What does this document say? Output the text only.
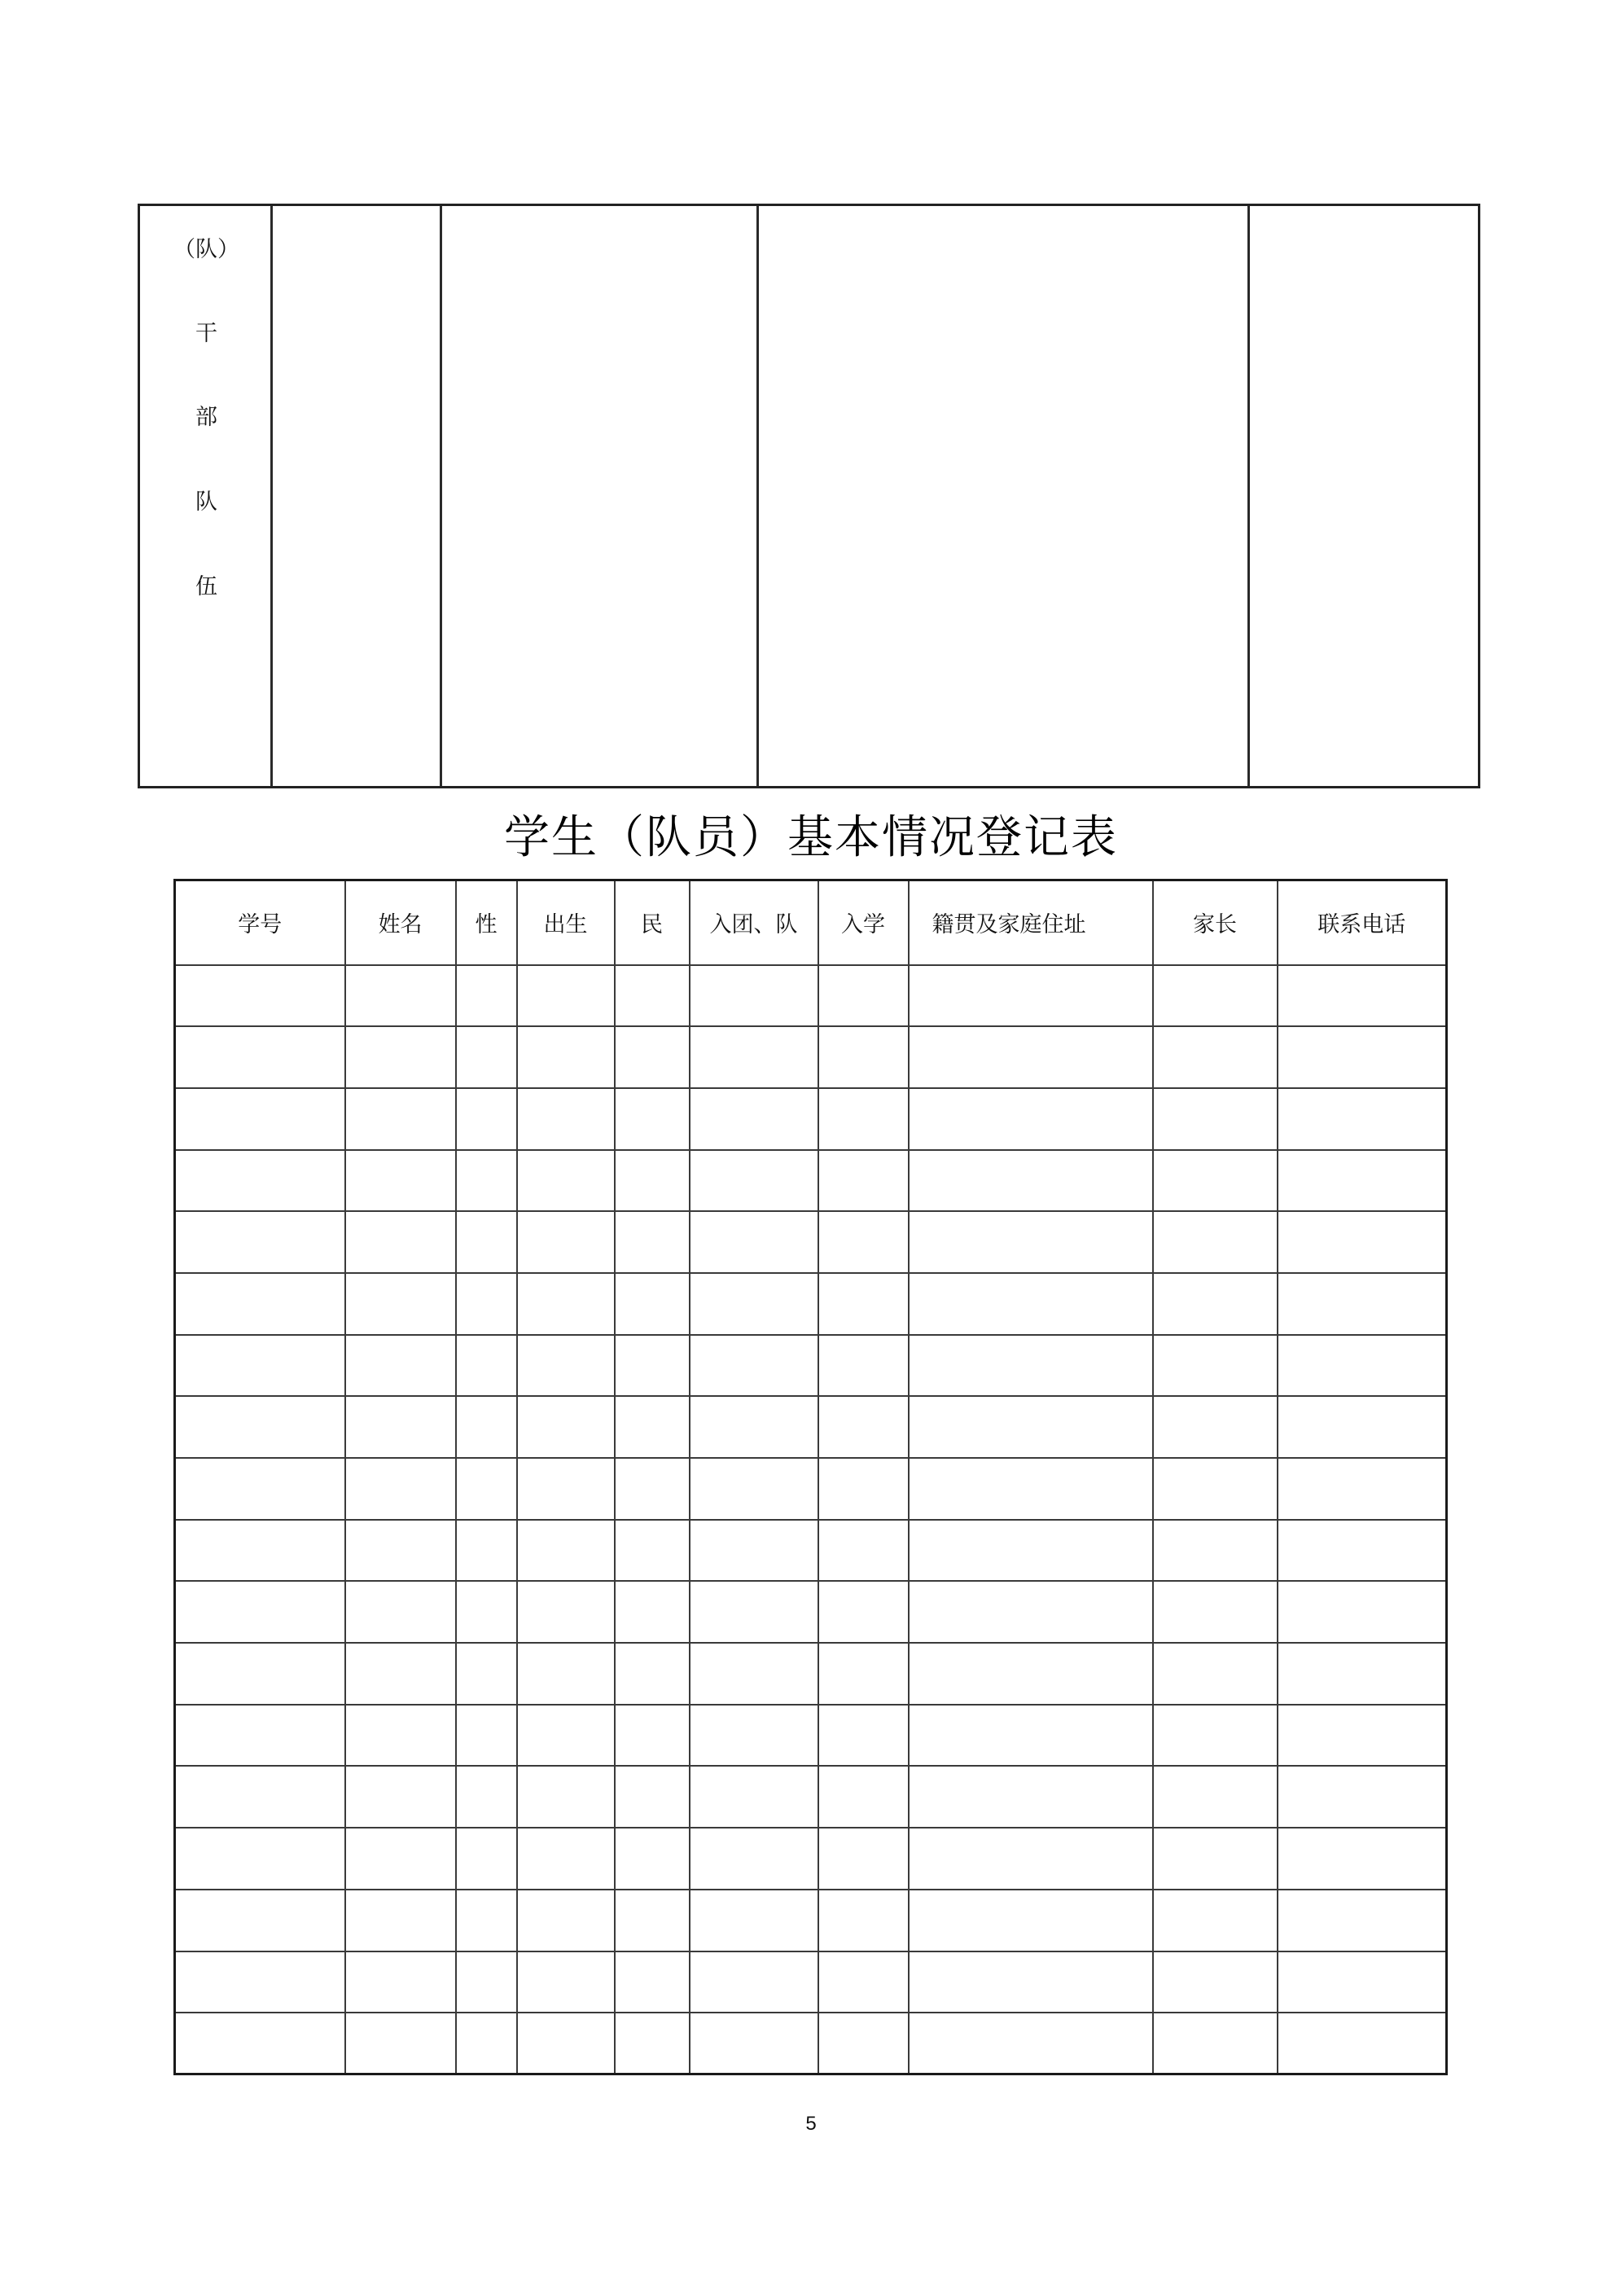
（队）
干
部
队
伍
学生（队员）基本情况登记表
学号	姓名	性	出生	民	入团、队	入学	籍贯及家庭住址	家长	联系电话

5
